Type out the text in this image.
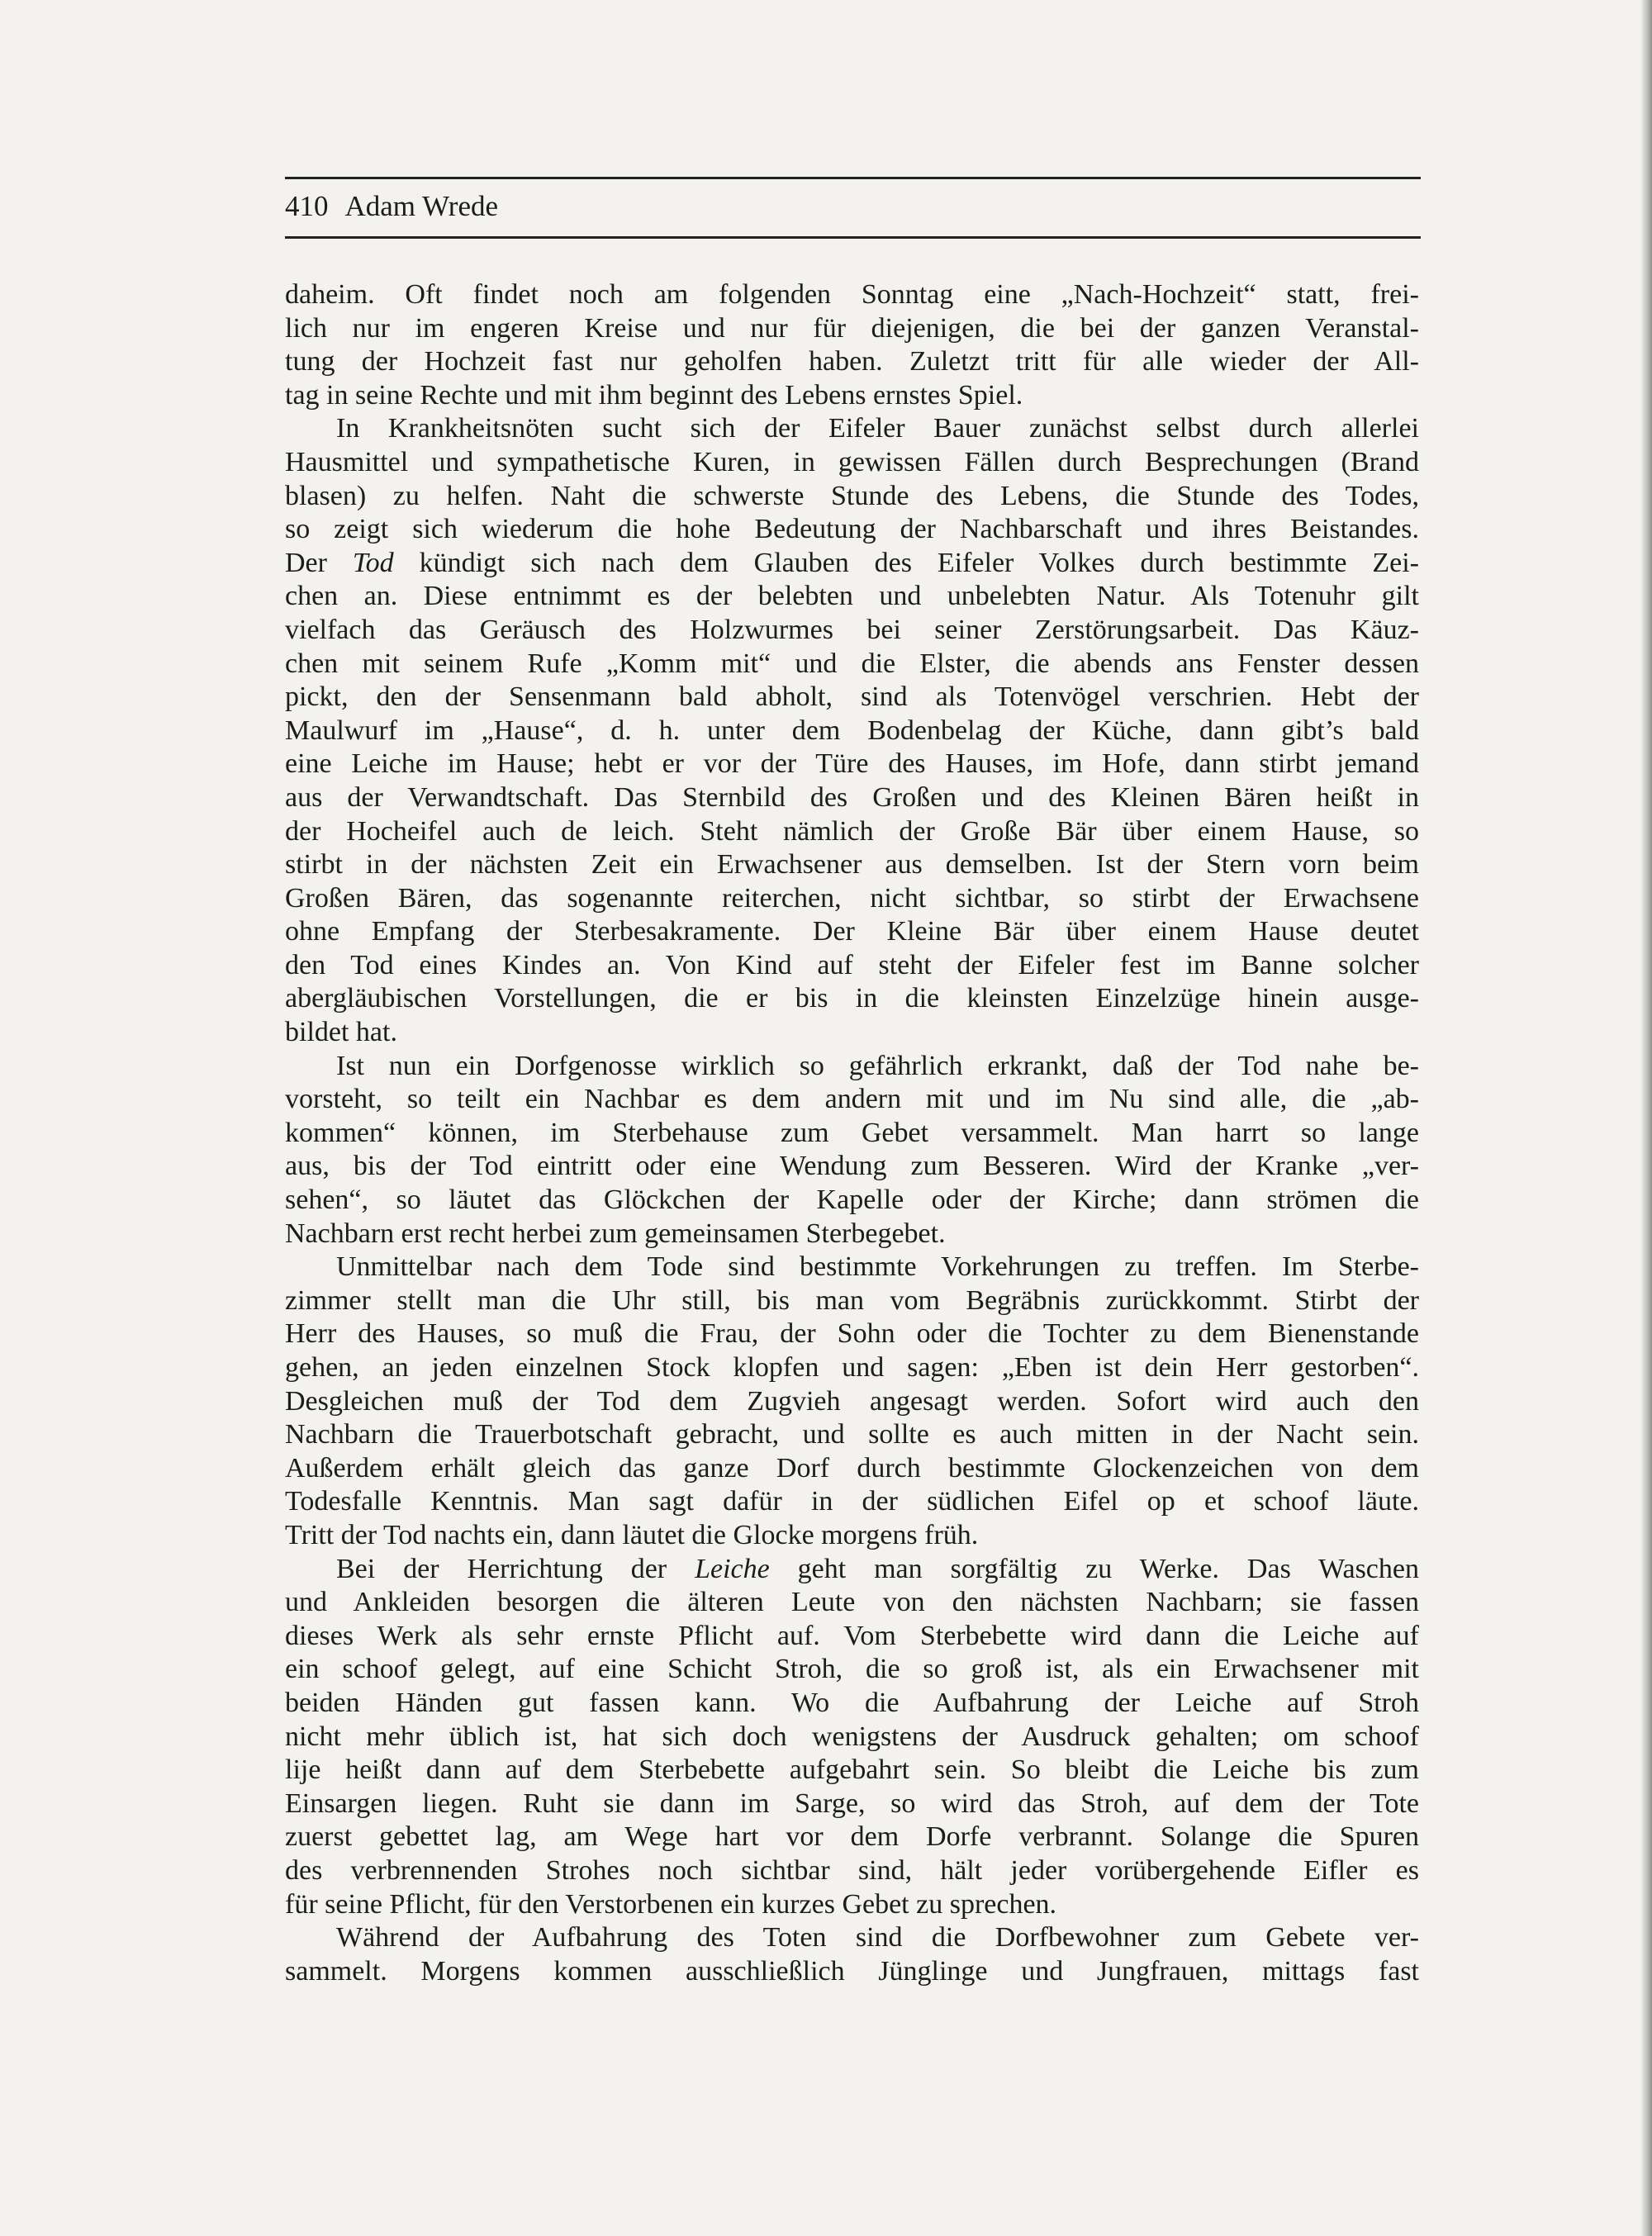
410 Adam Wrede
daheim. Oft findet noch am folgenden Sonntag eine „Nach-Hochzeit“ statt, frei-
lich nur im engeren Kreise und nur für diejenigen, die bei der ganzen Veranstal-
tung der Hochzeit fast nur geholfen haben. Zuletzt tritt für alle wieder der All-
tag in seine Rechte und mit ihm beginnt des Lebens ernstes Spiel.
In Krankheitsnöten sucht sich der Eifeler Bauer zunächst selbst durch allerlei
Hausmittel und sympathetische Kuren, in gewissen Fällen durch Besprechungen (Brand
blasen) zu helfen. Naht die schwerste Stunde des Lebens, die Stunde des Todes,
so zeigt sich wiederum die hohe Bedeutung der Nachbarschaft und ihres Beistandes.
Der Tod kündigt sich nach dem Glauben des Eifeler Volkes durch bestimmte Zei-
chen an. Diese entnimmt es der belebten und unbelebten Natur. Als Totenuhr gilt
vielfach das Geräusch des Holzwurmes bei seiner Zerstörungsarbeit. Das Käuz-
chen mit seinem Rufe „Komm mit“ und die Elster, die abends ans Fenster dessen
pickt, den der Sensenmann bald abholt, sind als Totenvögel verschrien. Hebt der
Maulwurf im „Hause“, d. h. unter dem Bodenbelag der Küche, dann gibt’s bald
eine Leiche im Hause; hebt er vor der Türe des Hauses, im Hofe, dann stirbt jemand
aus der Verwandtschaft. Das Sternbild des Großen und des Kleinen Bären heißt in
der Hocheifel auch de leich. Steht nämlich der Große Bär über einem Hause, so
stirbt in der nächsten Zeit ein Erwachsener aus demselben. Ist der Stern vorn beim
Großen Bären, das sogenannte reiterchen, nicht sichtbar, so stirbt der Erwachsene
ohne Empfang der Sterbesakramente. Der Kleine Bär über einem Hause deutet
den Tod eines Kindes an. Von Kind auf steht der Eifeler fest im Banne solcher
abergläubischen Vorstellungen, die er bis in die kleinsten Einzelzüge hinein ausge-
bildet hat.
Ist nun ein Dorfgenosse wirklich so gefährlich erkrankt, daß der Tod nahe be-
vorsteht, so teilt ein Nachbar es dem andern mit und im Nu sind alle, die „ab-
kommen“ können, im Sterbehause zum Gebet versammelt. Man harrt so lange
aus, bis der Tod eintritt oder eine Wendung zum Besseren. Wird der Kranke „ver-
sehen“, so läutet das Glöckchen der Kapelle oder der Kirche; dann strömen die
Nachbarn erst recht herbei zum gemeinsamen Sterbegebet.
Unmittelbar nach dem Tode sind bestimmte Vorkehrungen zu treffen. Im Sterbe-
zimmer stellt man die Uhr still, bis man vom Begräbnis zurückkommt. Stirbt der
Herr des Hauses, so muß die Frau, der Sohn oder die Tochter zu dem Bienenstande
gehen, an jeden einzelnen Stock klopfen und sagen: „Eben ist dein Herr gestorben“.
Desgleichen muß der Tod dem Zugvieh angesagt werden. Sofort wird auch den
Nachbarn die Trauerbotschaft gebracht, und sollte es auch mitten in der Nacht sein.
Außerdem erhält gleich das ganze Dorf durch bestimmte Glockenzeichen von dem
Todesfalle Kenntnis. Man sagt dafür in der südlichen Eifel op et schoof läute.
Tritt der Tod nachts ein, dann läutet die Glocke morgens früh.
Bei der Herrichtung der Leiche geht man sorgfältig zu Werke. Das Waschen
und Ankleiden besorgen die älteren Leute von den nächsten Nachbarn; sie fassen
dieses Werk als sehr ernste Pflicht auf. Vom Sterbebette wird dann die Leiche auf
ein schoof gelegt, auf eine Schicht Stroh, die so groß ist, als ein Erwachsener mit
beiden Händen gut fassen kann. Wo die Aufbahrung der Leiche auf Stroh
nicht mehr üblich ist, hat sich doch wenigstens der Ausdruck gehalten; om schoof
lije heißt dann auf dem Sterbebette aufgebahrt sein. So bleibt die Leiche bis zum
Einsargen liegen. Ruht sie dann im Sarge, so wird das Stroh, auf dem der Tote
zuerst gebettet lag, am Wege hart vor dem Dorfe verbrannt. Solange die Spuren
des verbrennenden Strohes noch sichtbar sind, hält jeder vorübergehende Eifler es
für seine Pflicht, für den Verstorbenen ein kurzes Gebet zu sprechen.
Während der Aufbahrung des Toten sind die Dorfbewohner zum Gebete ver-
sammelt. Morgens kommen ausschließlich Jünglinge und Jungfrauen, mittags fast
